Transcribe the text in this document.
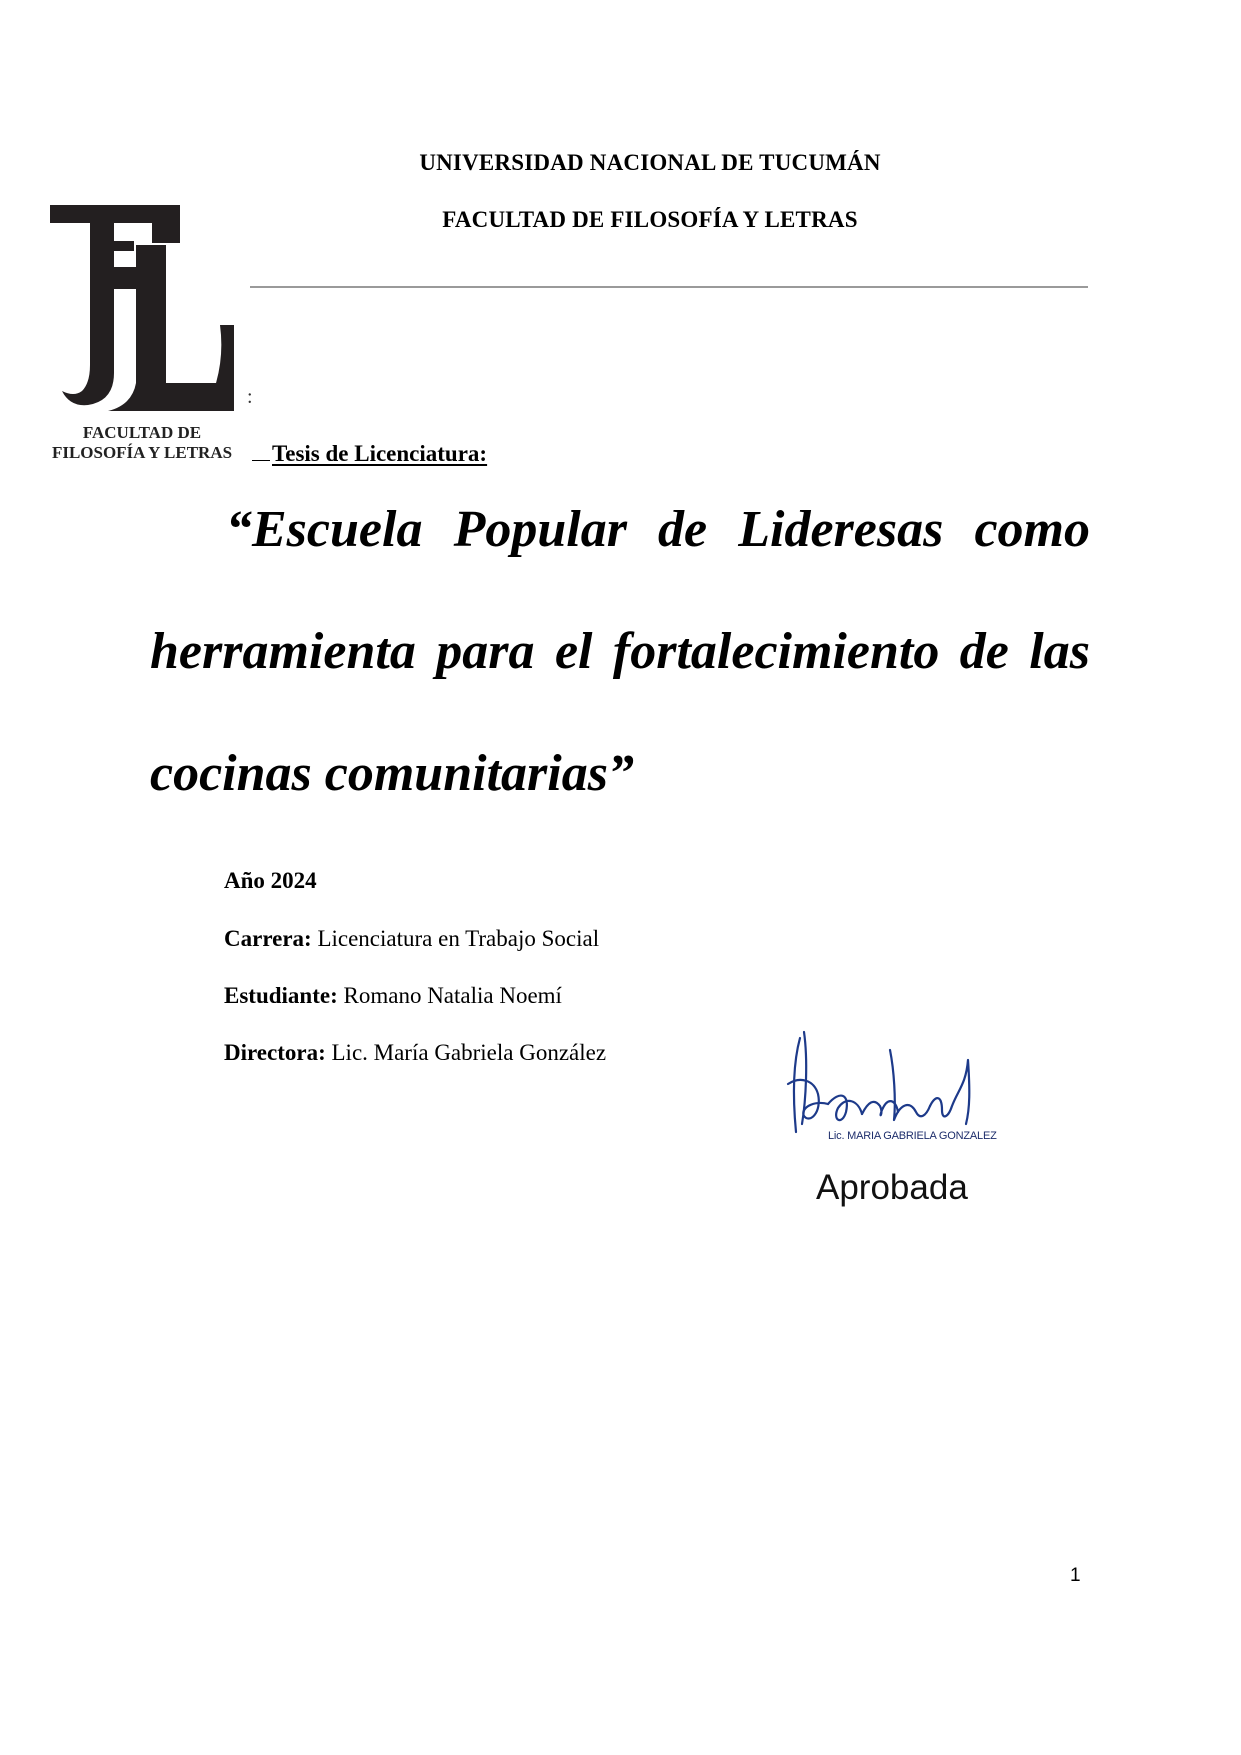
UNIVERSIDAD NACIONAL DE TUCUMÁN
FACULTAD DE FILOSOFÍA Y LETRAS
FACULTAD DE
FILOSOFÍA Y LETRAS
:
Tesis de Licenciatura:
“Escuela Popular de Lideresas como
herramienta para el fortalecimiento de las
cocinas comunitarias”
Año 2024
Carrera: Licenciatura en Trabajo Social
Estudiante: Romano Natalia Noemí
Directora: Lic. María Gabriela González
Lic. MARIA GABRIELA GONZALEZ
Aprobada
1
